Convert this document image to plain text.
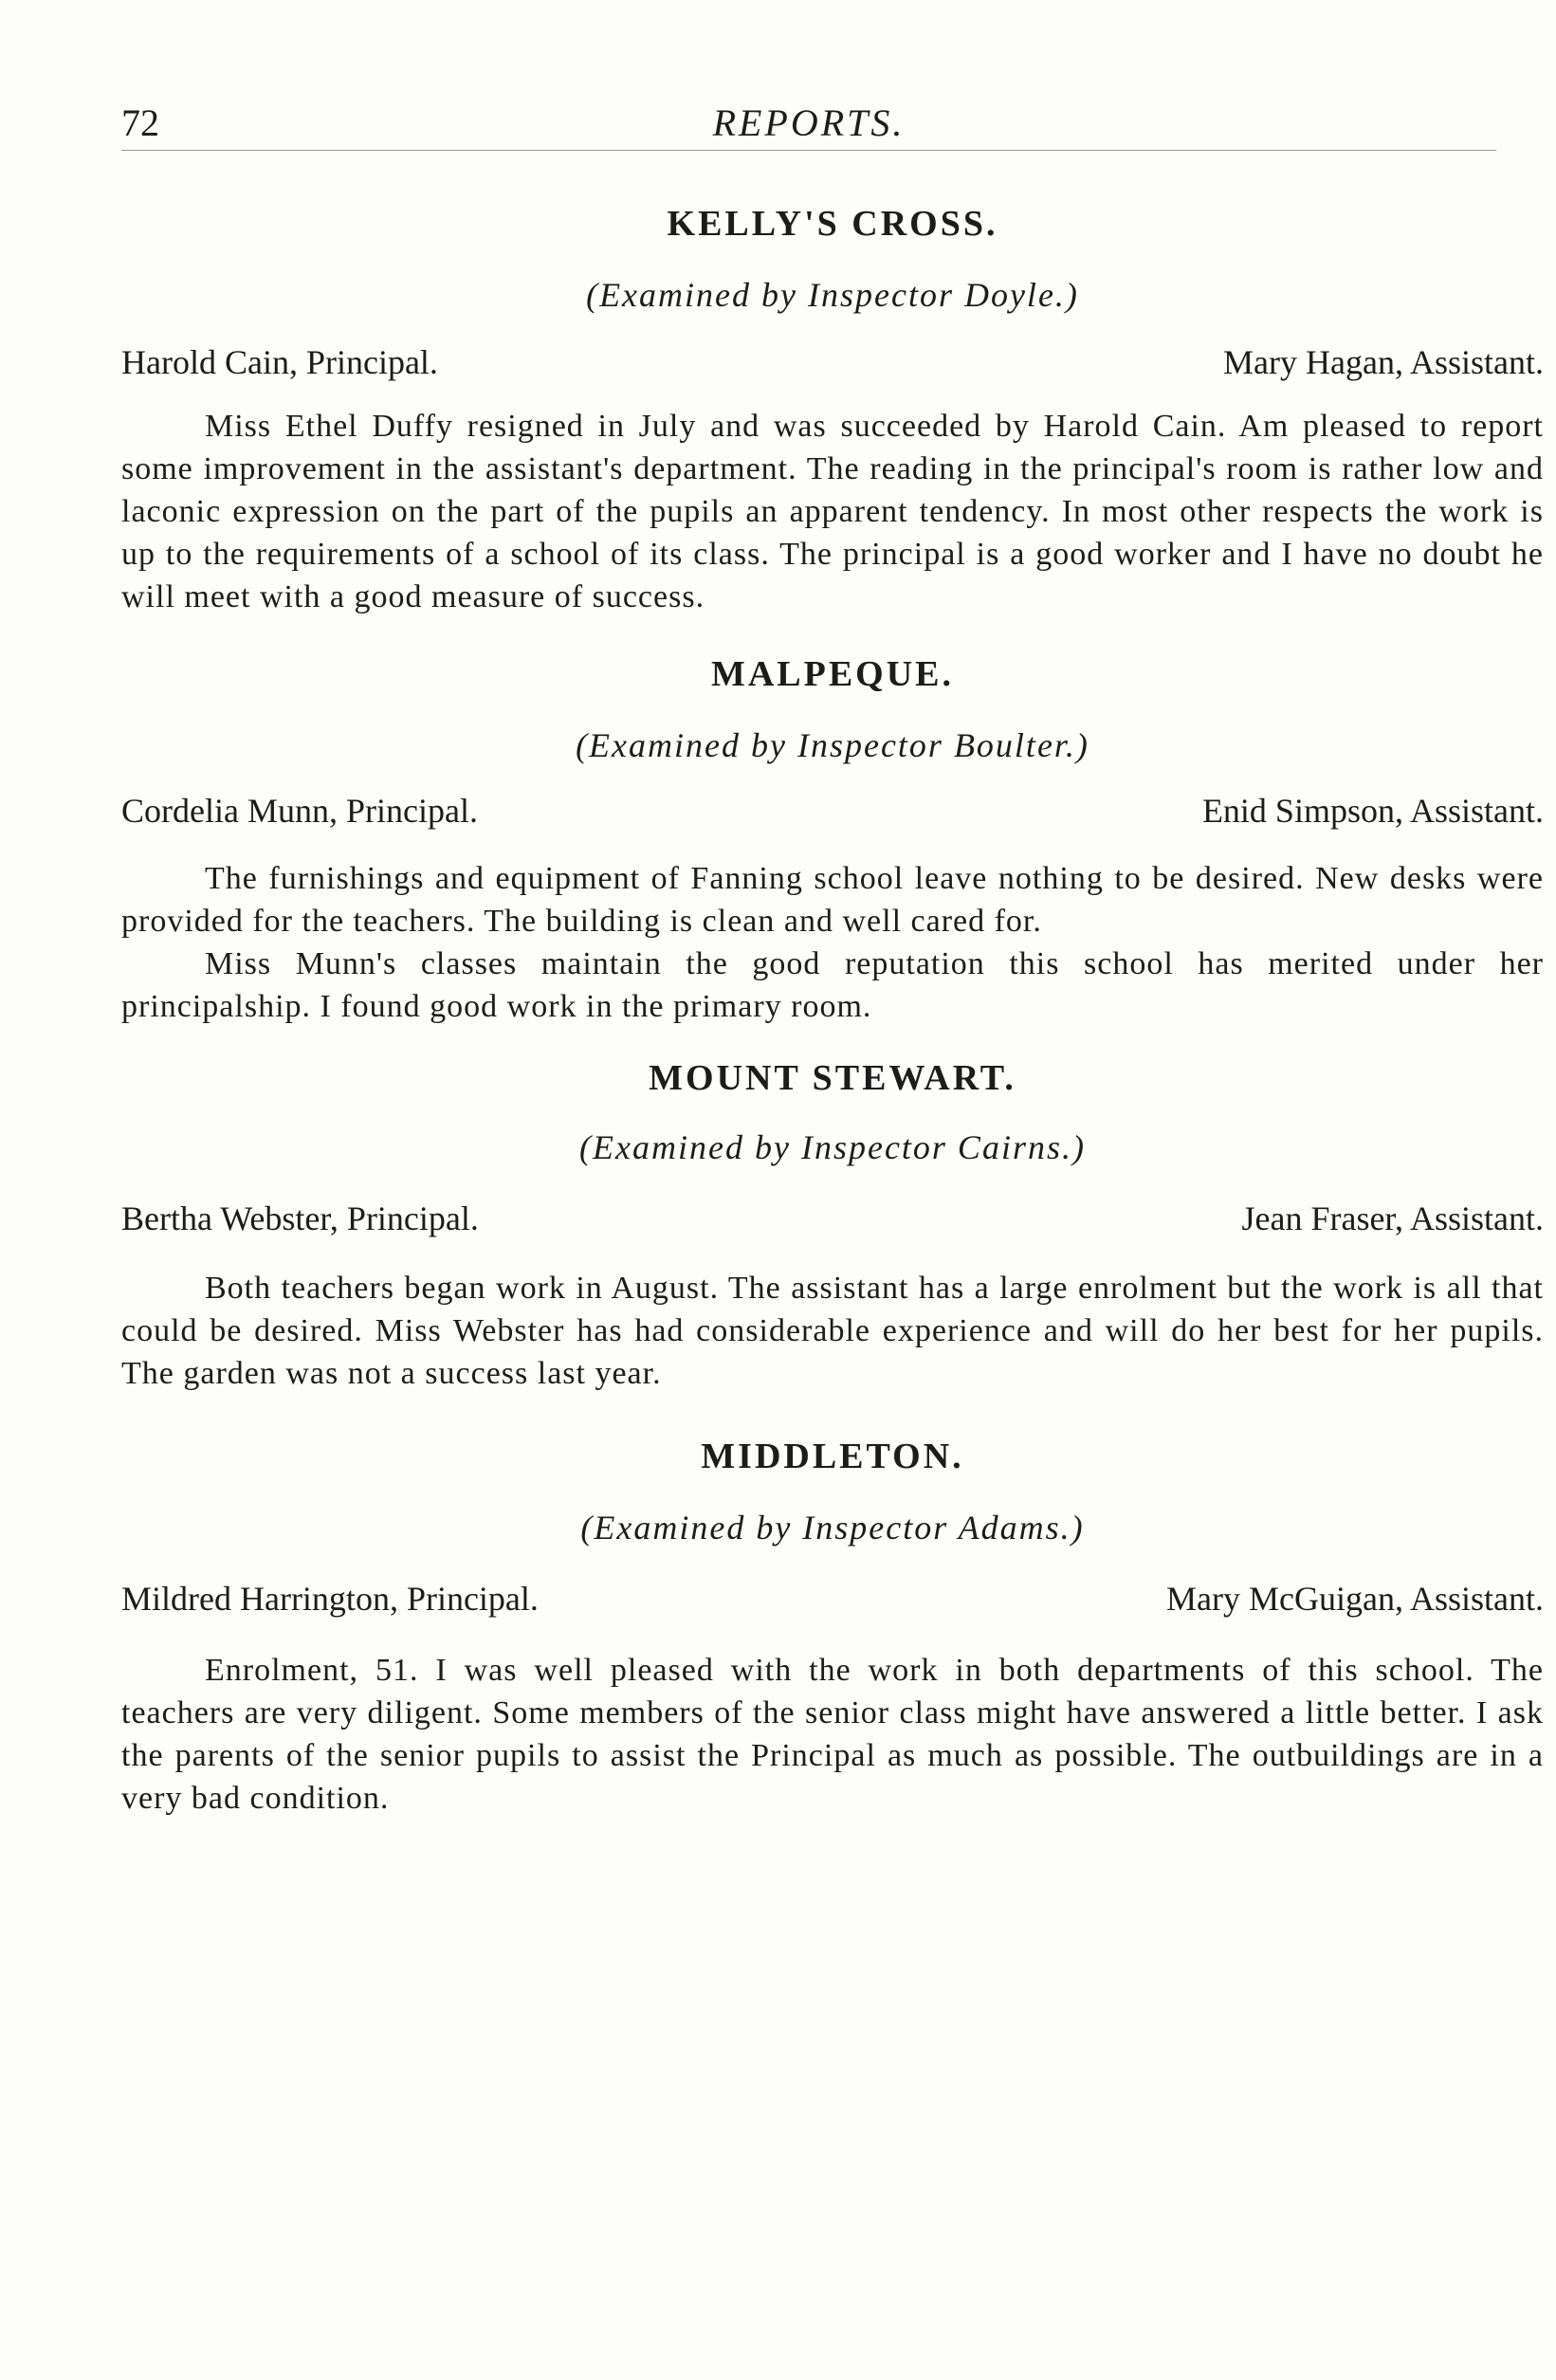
72	REPORTS.
KELLY'S CROSS.
(Examined by Inspector Doyle.)
Harold Cain, Principal.	Mary Hagan, Assistant.

Miss Ethel Duffy resigned in July and was succeeded by Harold Cain. Am pleased to report some improvement in the assistant's department. The reading in the principal's room is rather low and laconic expression on the part of the pupils an apparent tendency. In most other respects the work is up to the requirements of a school of its class. The principal is a good worker and I have no doubt he will meet with a good measure of success.

MALPEQUE.
(Examined by Inspector Boulter.)
Cordelia Munn, Principal.	Enid Simpson, Assistant.

The furnishings and equipment of Fanning school leave nothing to be desired. New desks were provided for the teachers. The building is clean and well cared for.

Miss Munn's classes maintain the good reputation this school has merited under her principalship. I found good work in the primary room.

MOUNT STEWART.
(Examined by Inspector Cairns.)
Bertha Webster, Principal.	Jean Fraser, Assistant.

Both teachers began work in August. The assistant has a large enrolment but the work is all that could be desired. Miss Webster has had considerable experience and will do her best for her pupils. The garden was not a success last year.

MIDDLETON.
(Examined by Inspector Adams.)
Mildred Harrington, Principal.	Mary McGuigan, Assistant.

Enrolment, 51. I was well pleased with the work in both departments of this school. The teachers are very diligent. Some members of the senior class might have answered a little better. I ask the parents of the senior pupils to assist the Principal as much as possible. The outbuildings are in a very bad condition.
